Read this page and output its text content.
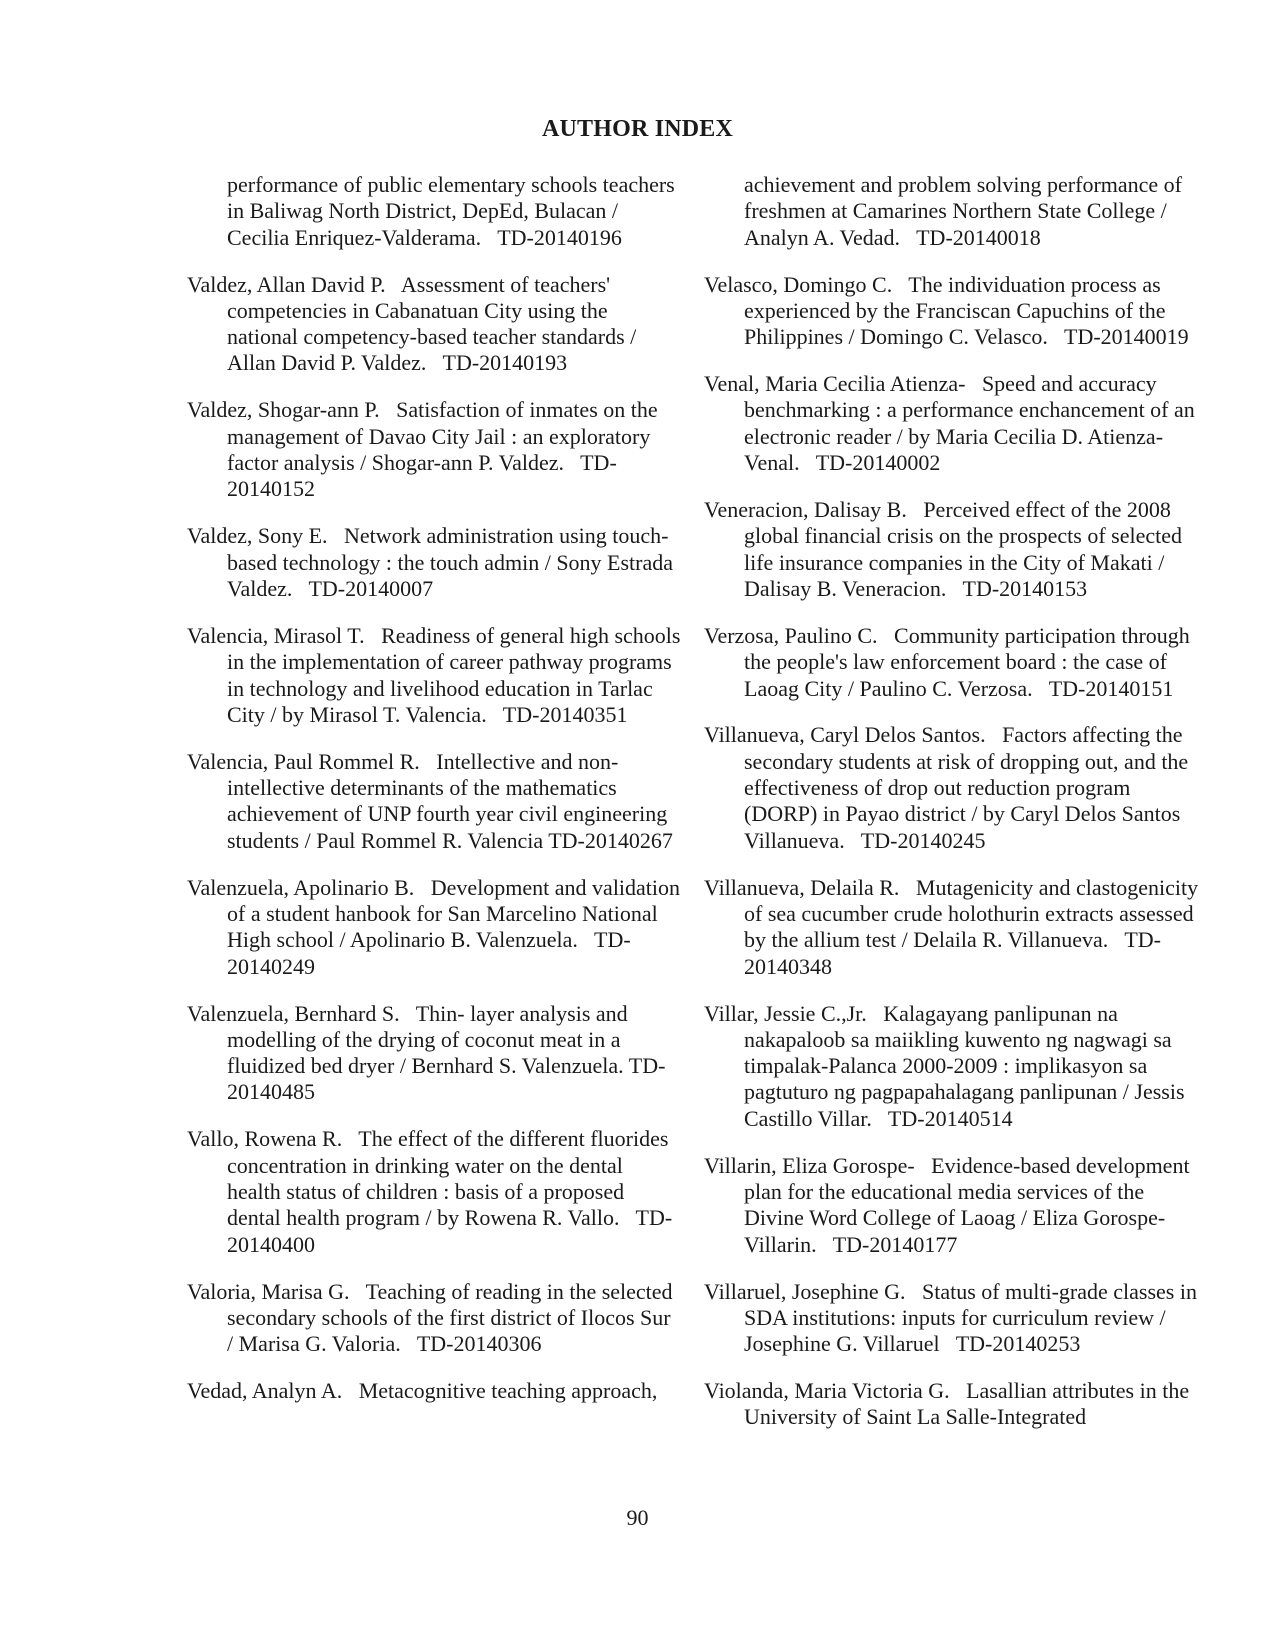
AUTHOR INDEX

performance of public elementary schools teachers in Baliwag North District, DepEd, Bulacan / Cecilia Enriquez-Valderama.   TD-20140196

Valdez, Allan David P.   Assessment of teachers' competencies in Cabanatuan City using the national competency-based teacher standards / Allan David P. Valdez.   TD-20140193

Valdez, Shogar-ann P.   Satisfaction of inmates on the management of Davao City Jail : an exploratory factor analysis / Shogar-ann P. Valdez.   TD-20140152

Valdez, Sony E.   Network administration using touch-based technology : the touch admin / Sony Estrada Valdez.   TD-20140007

Valencia, Mirasol T.   Readiness of general high schools in the implementation of career pathway programs in technology and livelihood education in Tarlac City / by Mirasol T. Valencia.   TD-20140351

Valencia, Paul Rommel R.   Intellective and non-intellective determinants of the mathematics achievement of UNP fourth year civil engineering students / Paul Rommel R. Valencia TD-20140267

Valenzuela, Apolinario B.   Development and validation of a student hanbook for San Marcelino National High school / Apolinario B. Valenzuela.   TD-20140249

Valenzuela, Bernhard S.   Thin- layer analysis and modelling of the drying of coconut meat in a fluidized bed dryer / Bernhard S. Valenzuela. TD-20140485

Vallo, Rowena R.   The effect of the different fluorides concentration in drinking water on the dental health status of children : basis of a proposed dental health program / by Rowena R. Vallo.   TD-20140400

Valoria, Marisa G.   Teaching of reading in the selected secondary schools of the first district of Ilocos Sur / Marisa G. Valoria.   TD-20140306

Vedad, Analyn A.   Metacognitive teaching approach,

achievement and problem solving performance of freshmen at Camarines Northern State College / Analyn A. Vedad.   TD-20140018

Velasco, Domingo C.   The individuation process as experienced by the Franciscan Capuchins of the Philippines / Domingo C. Velasco.   TD-20140019

Venal, Maria Cecilia Atienza-   Speed and accuracy benchmarking : a performance enchancement of an electronic reader / by Maria Cecilia D. Atienza-Venal.   TD-20140002

Veneracion, Dalisay B.   Perceived effect of the 2008 global financial crisis on the prospects of selected life insurance companies in the City of Makati / Dalisay B. Veneracion.   TD-20140153

Verzosa, Paulino C.   Community participation through the people's law enforcement board : the case of Laoag City / Paulino C. Verzosa.   TD-20140151

Villanueva, Caryl Delos Santos.   Factors affecting the secondary students at risk of dropping out, and the effectiveness of drop out reduction program (DORP) in Payao district / by Caryl Delos Santos Villanueva.   TD-20140245

Villanueva, Delaila R.   Mutagenicity and clastogenicity of sea cucumber crude holothurin extracts assessed by the allium test / Delaila R. Villanueva.   TD-20140348

Villar, Jessie C.,Jr.   Kalagayang panlipunan na nakapaloob sa maiikling kuwento ng nagwagi sa timpalak-Palanca 2000-2009 : implikasyon sa pagtuturo ng pagpapahalagang panlipunan / Jessis Castillo Villar.   TD-20140514

Villarin, Eliza Gorospe-   Evidence-based development plan for the educational media services of the Divine Word College of Laoag / Eliza Gorospe-Villarin.   TD-20140177

Villaruel, Josephine G.   Status of multi-grade classes in SDA institutions: inputs for curriculum review / Josephine G. Villaruel   TD-20140253

Violanda, Maria Victoria G.   Lasallian attributes in the University of Saint La Salle-Integrated

90
